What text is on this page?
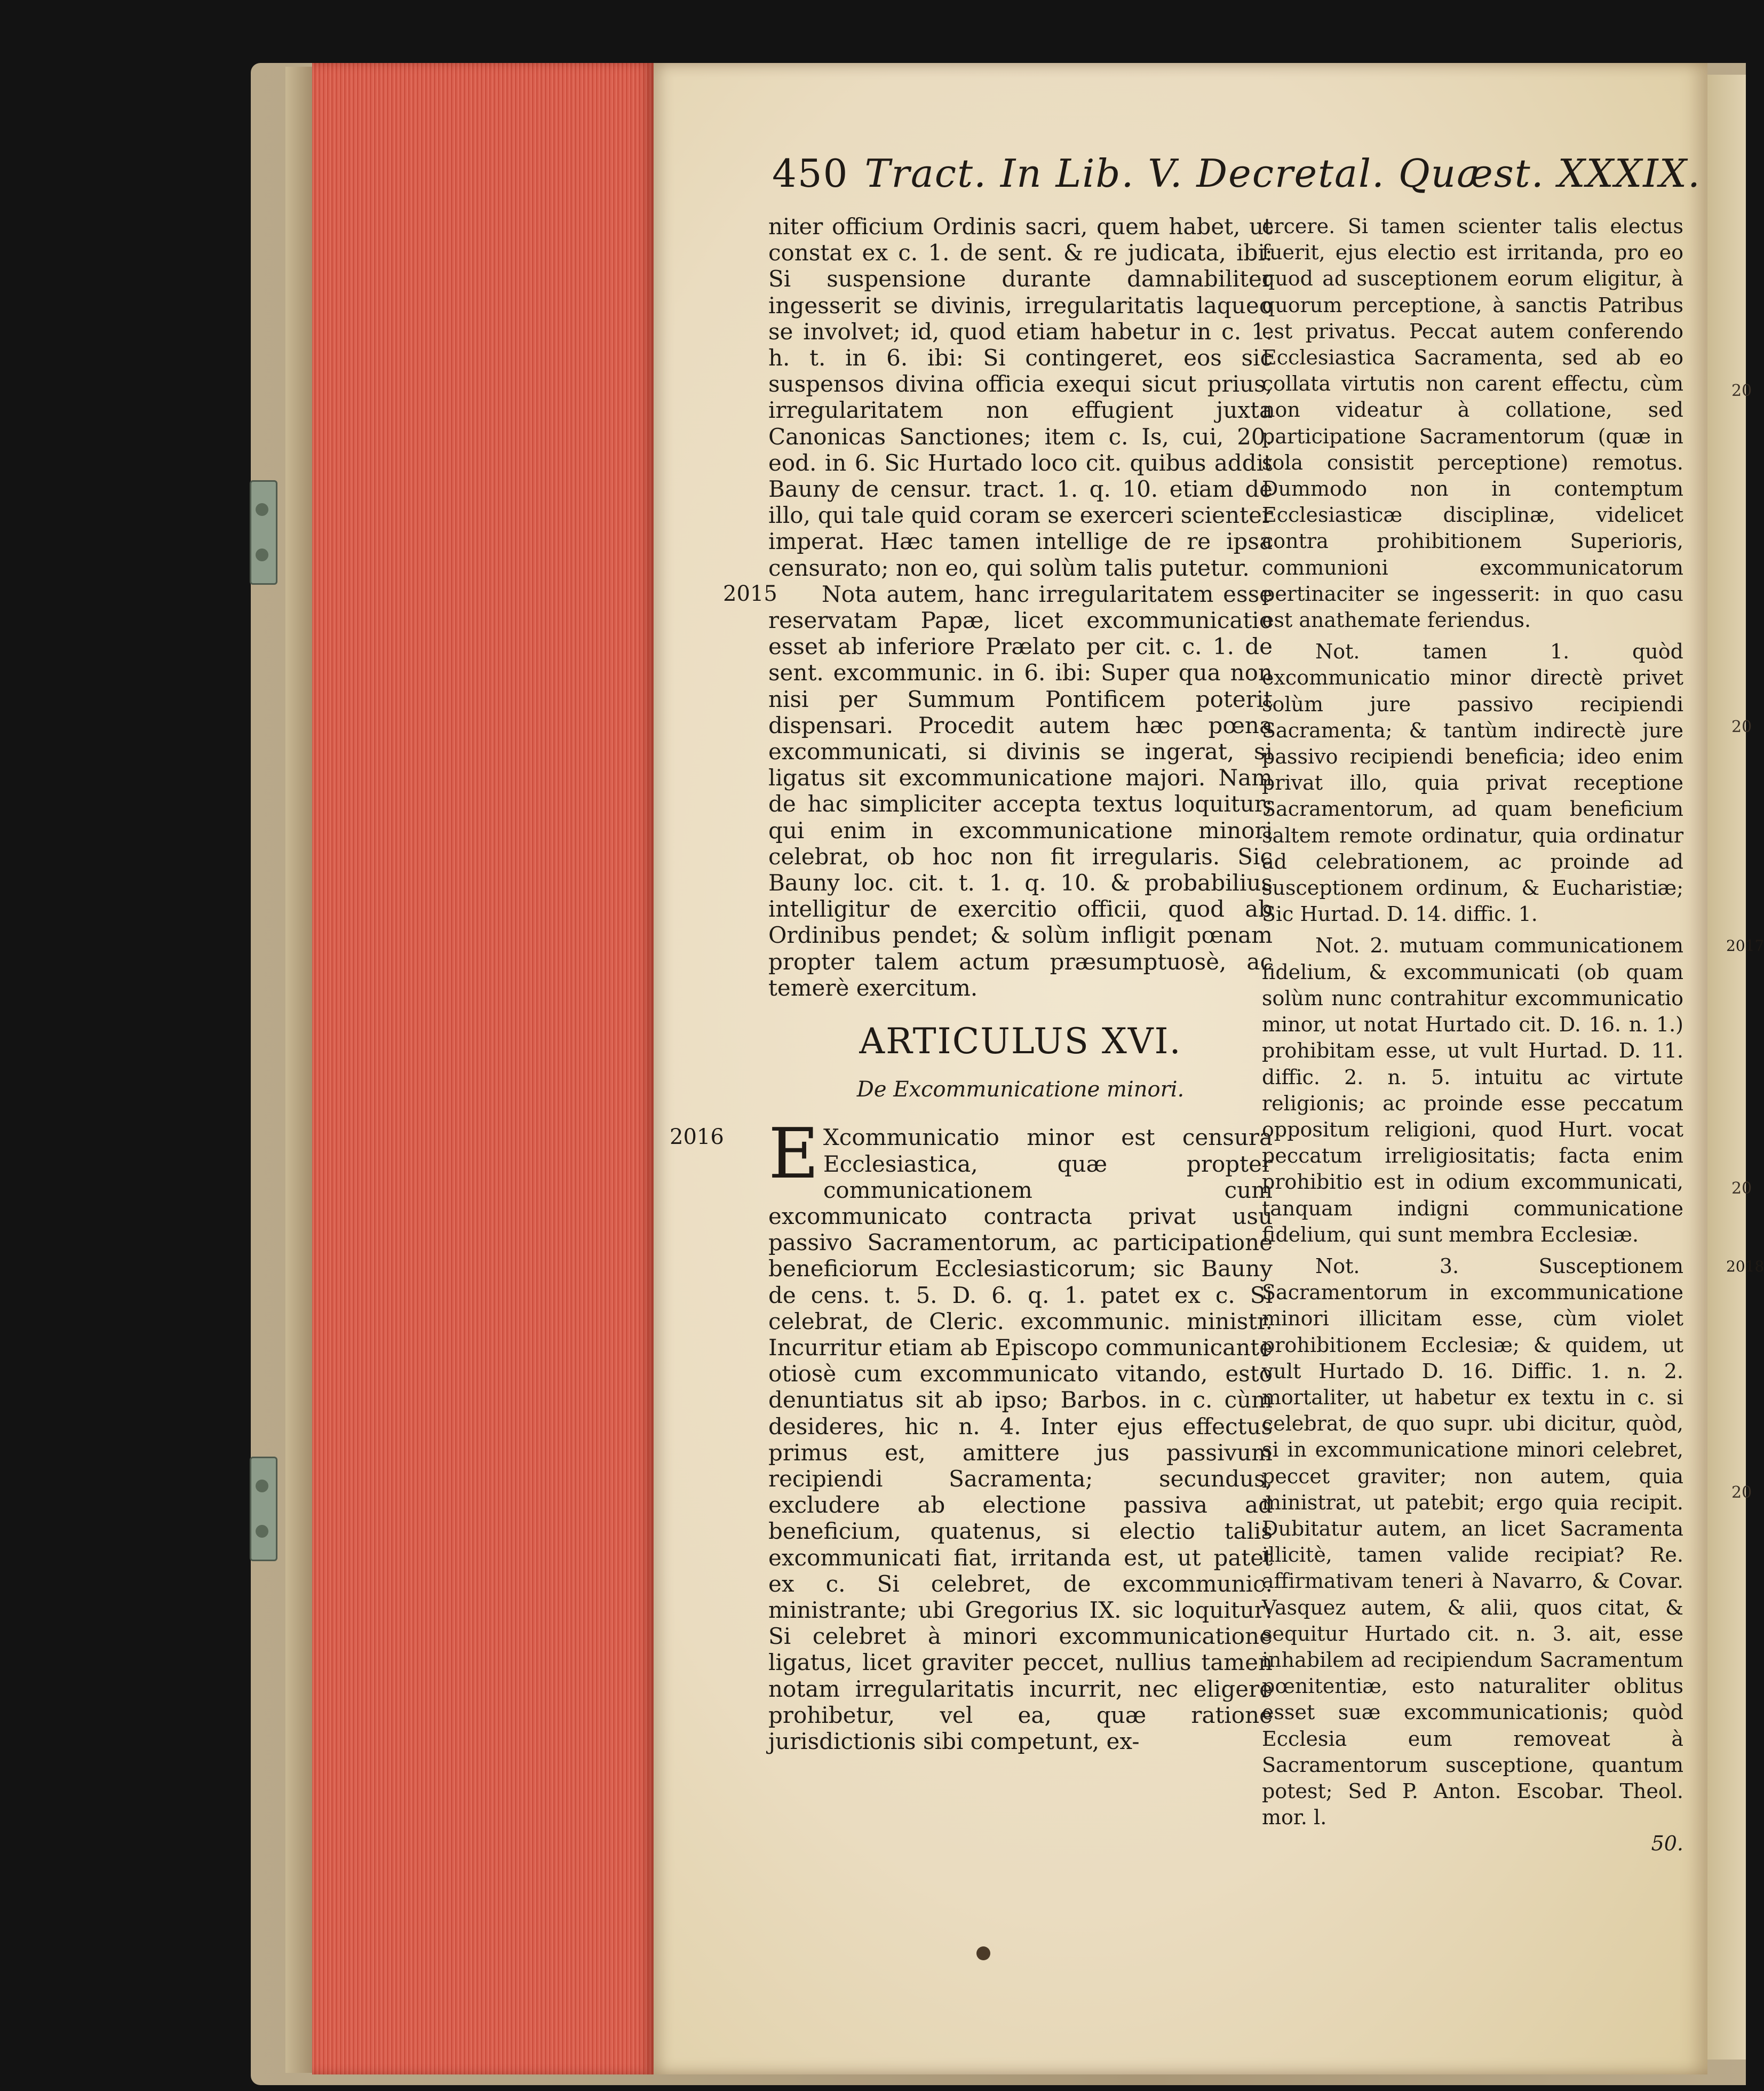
20
20
20
20
450 Tract. In Lib. V. Decretal. Quæst. XXXIX.

niter officium Ordinis sacri, quem habet, ut constat ex c. 1. de sent. & re judicata, ibi: Si suspensione durante damnabiliter ingesserit se divinis, irregularitatis laqueo se involvet; id, quod etiam habetur in c. 1. h. t. in 6. ibi: Si contingeret, eos sic suspensos divina officia exequi sicut prius, irregularitatem non effugient juxta Canonicas Sanctiones; item c. Is, cui, 20. eod. in 6. Sic Hurtado loco cit. quibus addit Bauny de censur. tract. 1. q. 10. etiam de illo, qui tale quid coram se exerceri scienter imperat. Hæc tamen intellige de re ipsa censurato; non eo, qui solùm talis putetur.

2015 Nota autem, hanc irregularitatem esse reservatam Papæ, licet excommunicatio esset ab inferiore Prælato per cit. c. 1. de sent. excommunic. in 6. ibi: Super qua non nisi per Summum Pontificem poterit dispensari. Procedit autem hæc pœna excommunicati, si divinis se ingerat, si ligatus sit excommunicatione majori. Nam de hac simpliciter accepta textus loquitur; qui enim in excommunicatione minori celebrat, ob hoc non fit irregularis. Sic Bauny loc. cit. t. 1. q. 10. & probabilius intelligitur de exercitio officii, quod ab Ordinibus pendet; & solùm infligit pœnam propter talem actum præsumptuosè, ac temerè exercitum.

ARTICULUS XVI.
De Excommunicatione minori.
2016 E Xcommunicatio minor est censura Ecclesiastica, quæ propter communicationem cum excommunicato contracta privat usu passivo Sacramentorum, ac participatione beneficiorum Ecclesiasticorum; sic Bauny de cens. t. 5. D. 6. q. 1. patet ex c. Si celebrat, de Cleric. excommunic. ministr. Incurritur etiam ab Episcopo communicante otiosè cum excommunicato vitando, esto denuntiatus sit ab ipso; Barbos. in c. cùm desideres, hic n. 4. Inter ejus effectus primus est, amittere jus passivum recipiendi Sacramenta; secundus, excludere ab electione passiva ad beneficium, quatenus, si electio talis excommunicati fiat, irritanda est, ut patet ex c. Si celebret, de excommunic. ministrante; ubi Gregorius IX. sic loquitur: Si celebret à minori excommunicatione ligatus, licet graviter peccet, nullius tamen notam irregularitatis incurrit, nec eligere prohibetur, vel ea, quæ ratione jurisdictionis sibi competunt, ex-

ercere. Si tamen scienter talis electus fuerit, ejus electio est irritanda, pro eo quod ad susceptionem eorum eligitur, à quorum perceptione, à sanctis Patribus est privatus. Peccat autem conferendo Ecclesiastica Sacramenta, sed ab eo collata virtutis non carent effectu, cùm non videatur à collatione, sed participatione Sacramentorum (quæ in sola consistit perceptione) remotus. Dummodo non in contemptum Ecclesiasticæ disciplinæ, videlicet contra prohibitionem Superioris, communioni excommunicatorum pertinaciter se ingesserit: in quo casu est anathemate feriendus.

Not. tamen 1. quòd excommunicatio minor directè privet solùm jure passivo recipiendi Sacramenta; & tantùm indirectè jure passivo recipiendi beneficia; ideo enim privat illo, quia privat receptione Sacramentorum, ad quam beneficium saltem remote ordinatur, quia ordinatur ad celebrationem, ac proinde ad susceptionem ordinum, & Eucharistiæ; Sic Hurtad. D. 14. diffic. 1.

2017
Not. 2. mutuam communicationem fidelium, & excommunicati (ob quam solùm nunc contrahitur excommunicatio minor, ut notat Hurtado cit. D. 16. n. 1.) prohibitam esse, ut vult Hurtad. D. 11. diffic. 2. n. 5. intuitu ac virtute religionis; ac proinde esse peccatum oppositum religioni, quod Hurt. vocat peccatum irreligiositatis; facta enim prohibitio est in odium excommunicati, tanquam indigni communicatione fidelium, qui sunt membra Ecclesiæ.

2018
Not. 3. Susceptionem Sacramentorum in excommunicatione minori illicitam esse, cùm violet prohibitionem Ecclesiæ; & quidem, ut vult Hurtado D. 16. Diffic. 1. n. 2. mortaliter, ut habetur ex textu in c. si celebrat, de quo supr. ubi dicitur, quòd, si in excommunicatione minori celebret, peccet graviter; non autem, quia ministrat, ut patebit; ergo quia recipit. Dubitatur autem, an licet Sacramenta illicitè, tamen valide recipiat? Re. affirmativam teneri à Navarro, & Covar. Vasquez autem, & alii, quos citat, & sequitur Hurtado cit. n. 3. ait, esse inhabilem ad recipiendum Sacramentum pœnitentiæ, esto naturaliter oblitus esset suæ excommunicationis; quòd Ecclesia eum removeat à Sacramentorum susceptione, quantum potest; Sed P. Anton. Escobar. Theol. mor. l.

50.
